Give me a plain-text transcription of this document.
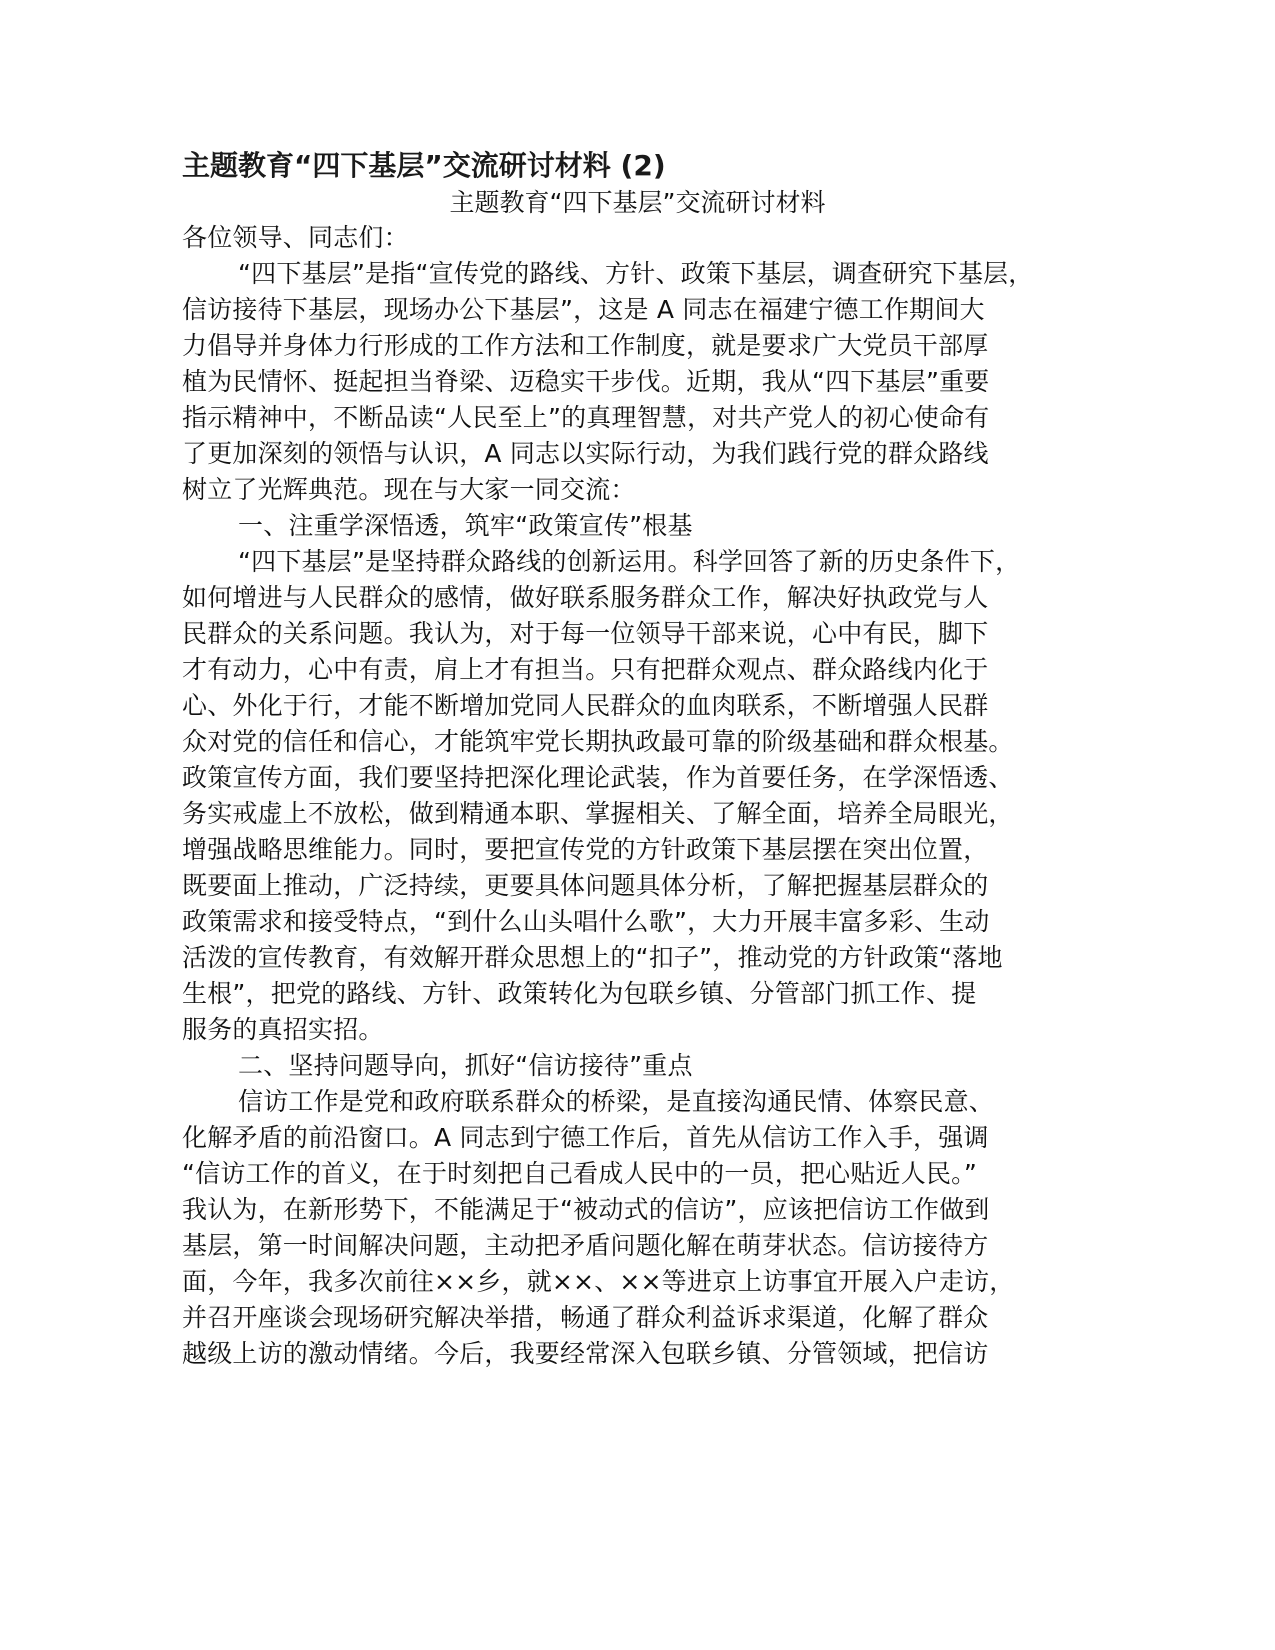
主题教育“四下基层”交流研讨材料 (2)
主题教育“四下基层”交流研讨材料
各位领导、同志们：
“四下基层”是指“宣传党的路线、方针、政策下基层，调查研究下基层，
信访接待下基层，现场办公下基层”，这是 A 同志在福建宁德工作期间大
力倡导并身体力行形成的工作方法和工作制度，就是要求广大党员干部厚
植为民情怀、挺起担当脊梁、迈稳实干步伐。近期，我从“四下基层”重要
指示精神中，不断品读“人民至上”的真理智慧，对共产党人的初心使命有
了更加深刻的领悟与认识，A 同志以实际行动，为我们践行党的群众路线
树立了光辉典范。现在与大家一同交流：
一、注重学深悟透，筑牢“政策宣传”根基
“四下基层”是坚持群众路线的创新运用。科学回答了新的历史条件下，
如何增进与人民群众的感情，做好联系服务群众工作，解决好执政党与人
民群众的关系问题。我认为，对于每一位领导干部来说，心中有民，脚下
才有动力，心中有责，肩上才有担当。只有把群众观点、群众路线内化于
心、外化于行，才能不断增加党同人民群众的血肉联系，不断增强人民群
众对党的信任和信心，才能筑牢党长期执政最可靠的阶级基础和群众根基。
政策宣传方面，我们要坚持把深化理论武装，作为首要任务，在学深悟透、
务实戒虚上不放松，做到精通本职、掌握相关、了解全面，培养全局眼光，
增强战略思维能力。同时，要把宣传党的方针政策下基层摆在突出位置，
既要面上推动，广泛持续，更要具体问题具体分析，了解把握基层群众的
政策需求和接受特点，“到什么山头唱什么歌”，大力开展丰富多彩、生动
活泼的宣传教育，有效解开群众思想上的“扣子”，推动党的方针政策“落地
生根”，把党的路线、方针、政策转化为包联乡镇、分管部门抓工作、提
服务的真招实招。
二、坚持问题导向，抓好“信访接待”重点
信访工作是党和政府联系群众的桥梁，是直接沟通民情、体察民意、
化解矛盾的前沿窗口。A 同志到宁德工作后，首先从信访工作入手，强调
“信访工作的首义，在于时刻把自己看成人民中的一员，把心贴近人民。”
我认为，在新形势下，不能满足于“被动式的信访”，应该把信访工作做到
基层，第一时间解决问题，主动把矛盾问题化解在萌芽状态。信访接待方
面，今年，我多次前往××乡，就××、××等进京上访事宜开展入户走访，
并召开座谈会现场研究解决举措，畅通了群众利益诉求渠道，化解了群众
越级上访的激动情绪。今后，我要经常深入包联乡镇、分管领域，把信访
